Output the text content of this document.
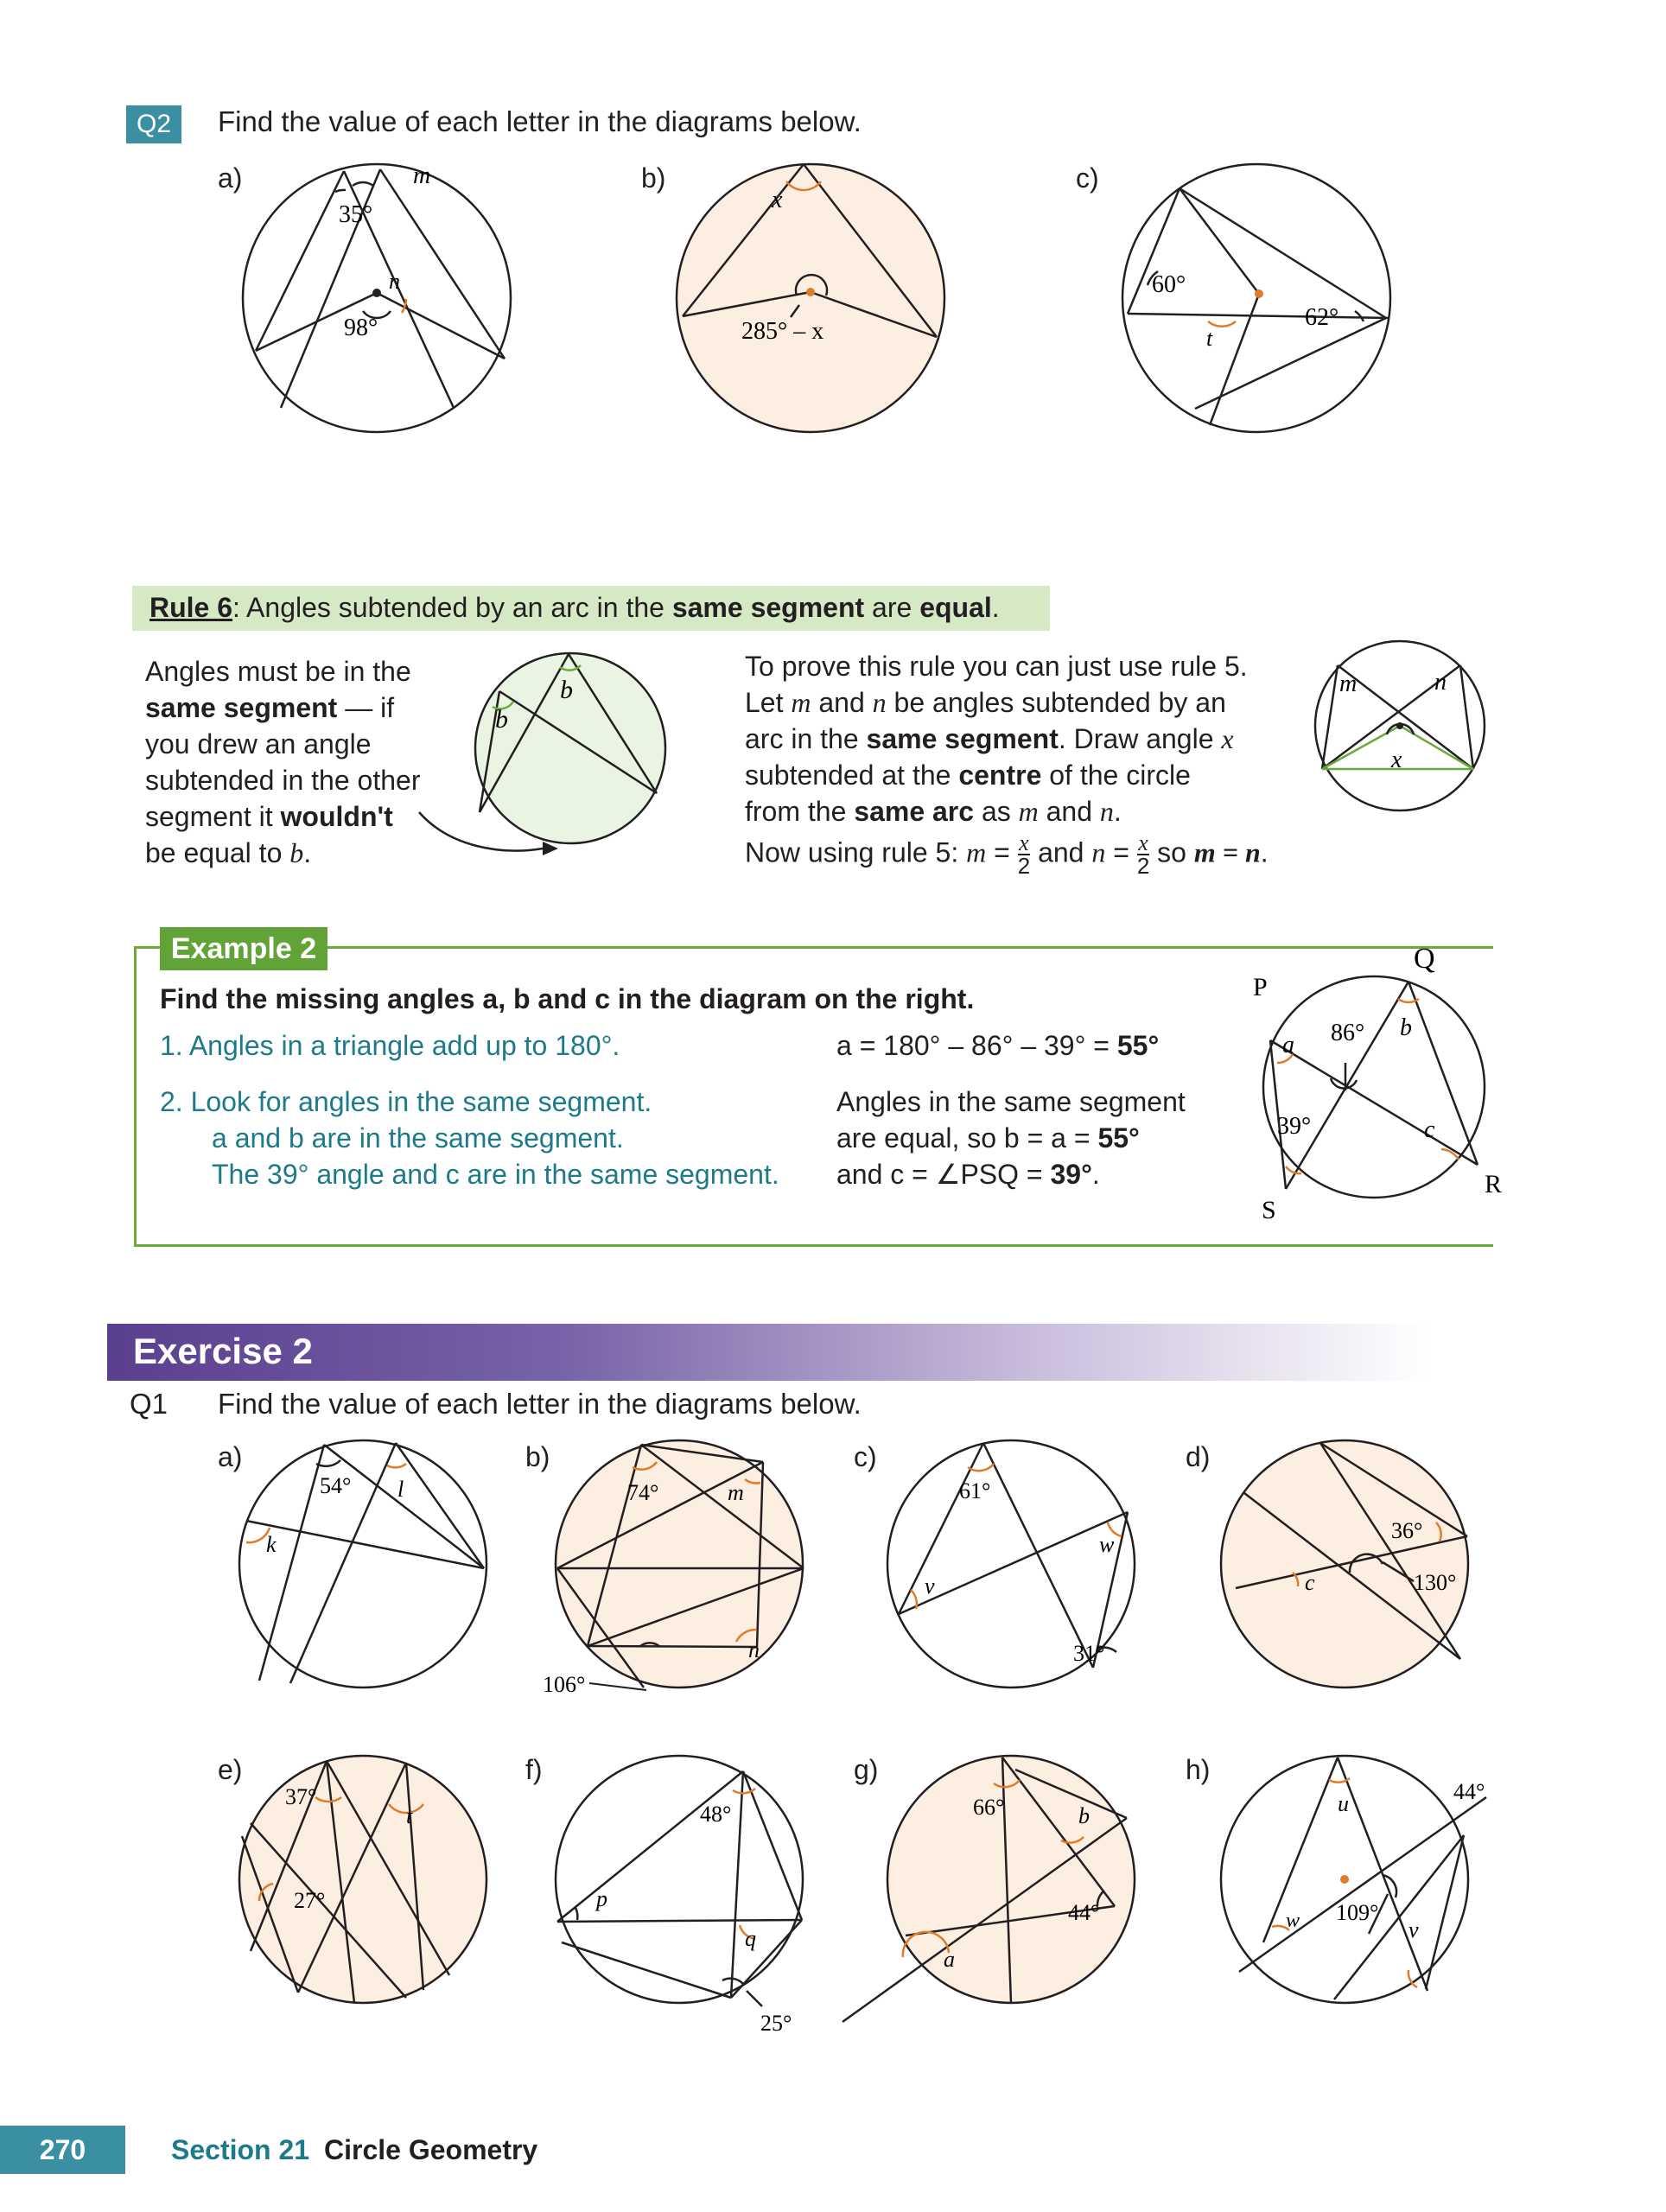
Q2	Find the value of each letter in the diagrams below.
a)	b)	c)
m
35°
n
98°
x
285° – x
60°
62°
t
Rule 6: Angles subtended by an arc in the same segment are equal.
Angles must be in the
same segment — if
you drew an angle
subtended in the other
segment it wouldn't
be equal to b.
b
b
m	n
x
To prove this rule you can just use rule 5.
Let m and n be angles subtended by an
arc in the same segment. Draw angle x
subtended at the centre of the circle
from the same arc as m and n.
Now using rule 5: $m = \frac{x}{2}$ and $n = \frac{x}{2}$ so m = n.
Example 2
Find the missing angles a, b and c in the diagram on the right.
1. Angles in a triangle add up to 180°.	a = 180° – 86° – 39° = 55°
2. Look for angles in the same segment.
a and b are in the same segment.
The 39° angle and c are in the same segment.
Angles in the same segment
are equal, so b = a = 55°
and c = ∠PSQ = 39°.
P
Q
R
S
a
b
c
86°
39°
Exercise 2
Q1 Find the value of each letter in the diagrams below.
a)	b)	c)	d)
e)	f)	g)	h)
54° l
k
74°	m
n
106°
61°
w
v
31°
36°
c	130°
37°
t
27°
48°
p
q
25°
66°	b
44°
a
u	44°
w 109°
v
270	Section 21 Circle Geometry
